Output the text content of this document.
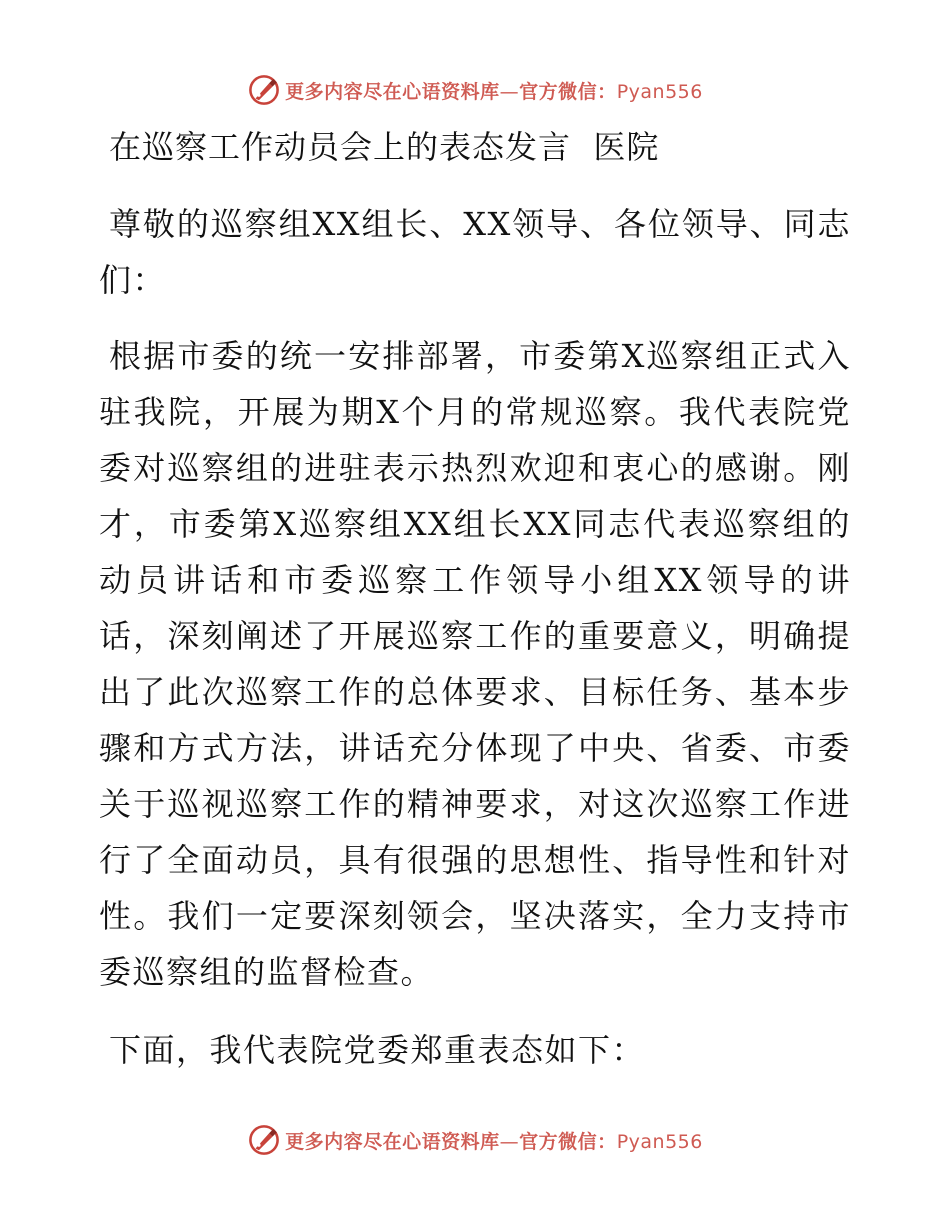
更多内容尽在心语资料库—官方微信：Pyan556
在巡察工作动员会上的表态发言  医院

尊敬的巡察组XX组长、XX领导、各位领导、同志们：

根据市委的统一安排部署，市委第X巡察组正式入驻我院，开展为期X个月的常规巡察。我代表院党委对巡察组的进驻表示热烈欢迎和衷心的感谢。刚才，市委第X巡察组XX组长XX同志代表巡察组的动员讲话和市委巡察工作领导小组XX领导的讲话，深刻阐述了开展巡察工作的重要意义，明确提出了此次巡察工作的总体要求、目标任务、基本步骤和方式方法，讲话充分体现了中央、省委、市委关于巡视巡察工作的精神要求，对这次巡察工作进行了全面动员，具有很强的思想性、指导性和针对性。我们一定要深刻领会，坚决落实，全力支持市委巡察组的监督检查。

下面，我代表院党委郑重表态如下：

更多内容尽在心语资料库—官方微信：Pyan556
